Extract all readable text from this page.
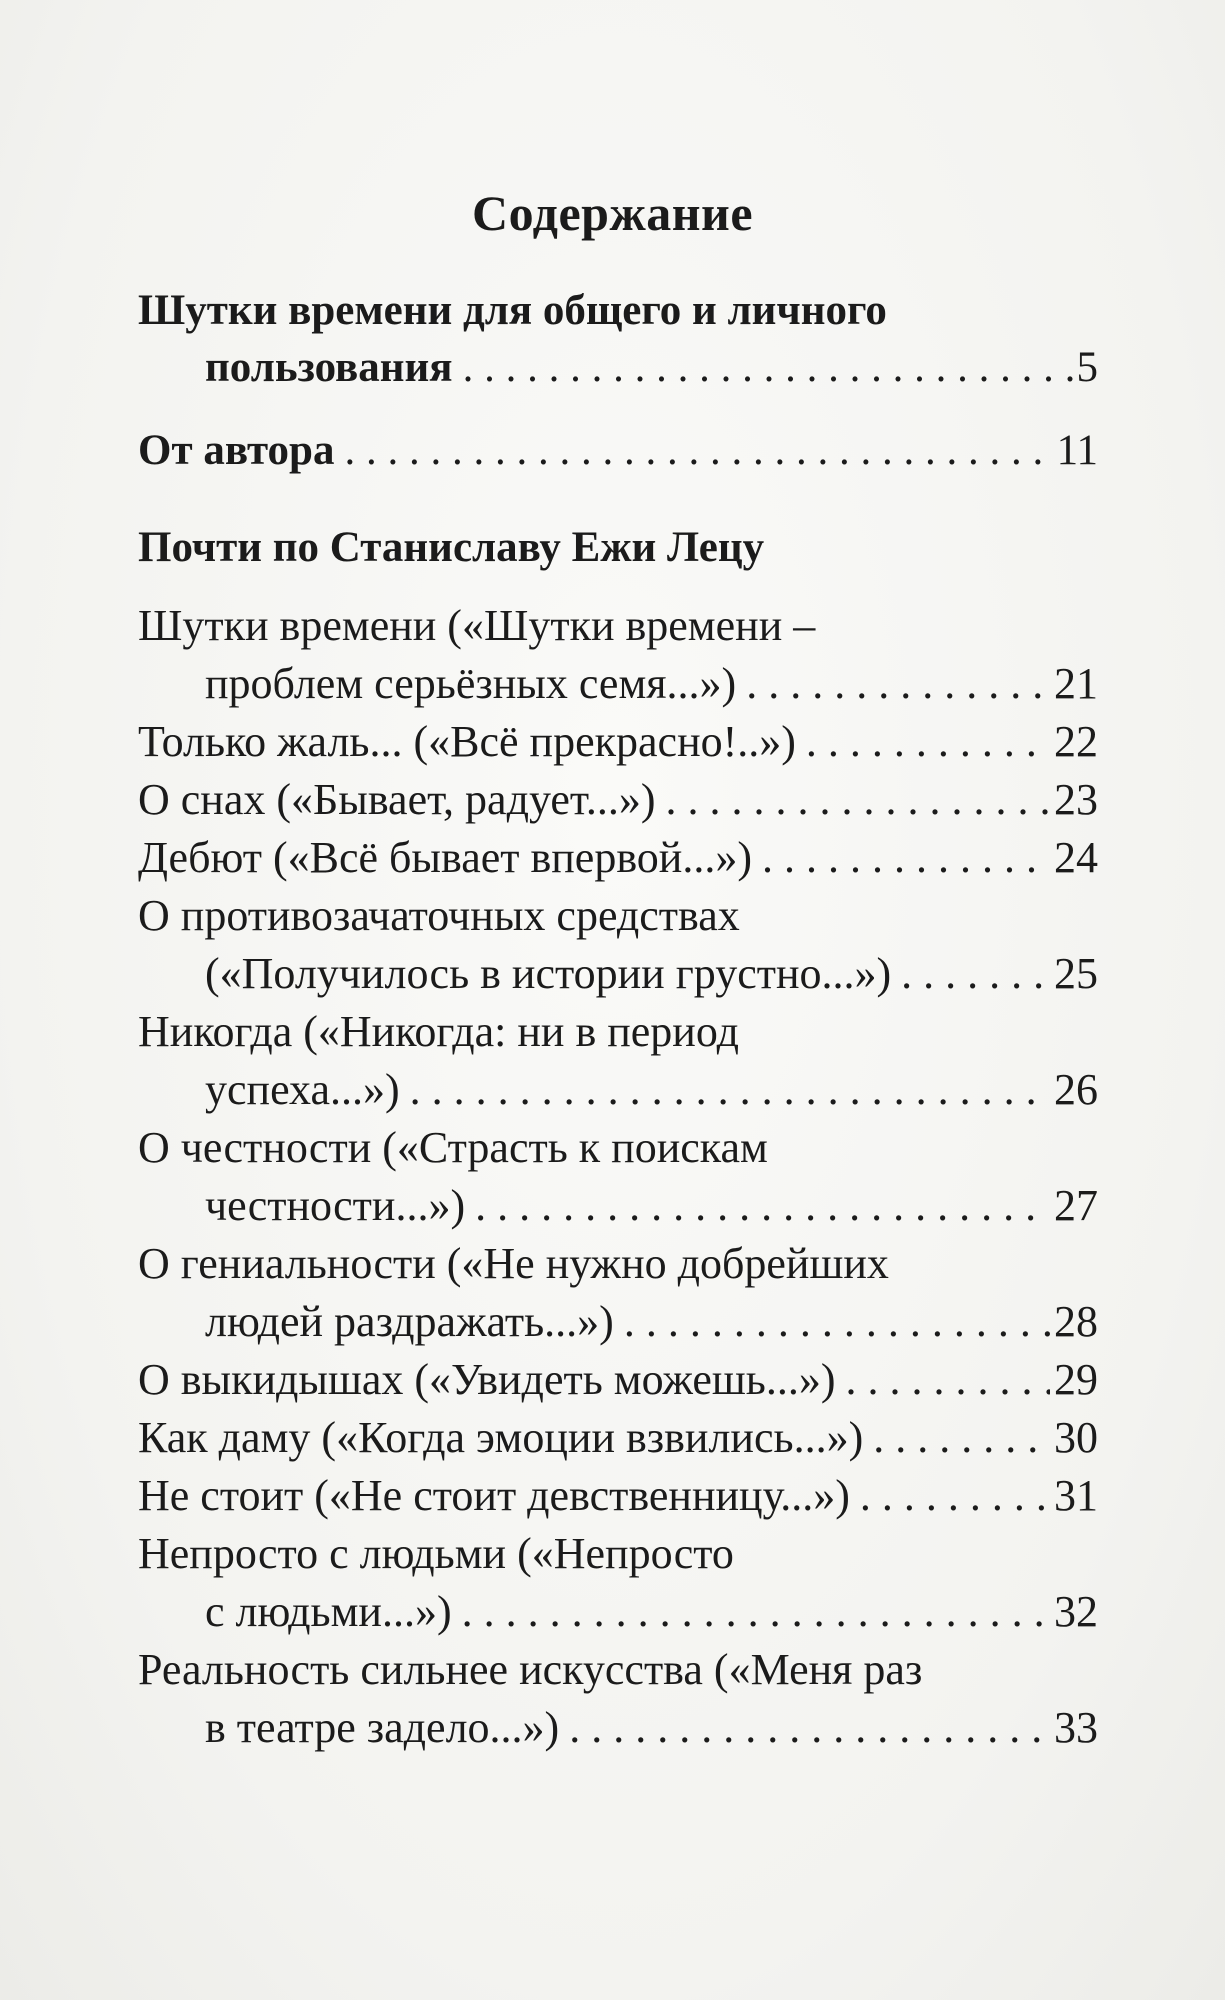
Содержание
Шутки времени для общего и личного
пользования . . .	5
От автора . . .	11
Почти по Станиславу Ежи Лецу
Шутки времени («Шутки времени –
проблем серьёзных семя...») . . .	21
Только жаль... («Всё прекрасно!..») . . .	22
О снах («Бывает, радует...») . . .	23
Дебют («Всё бывает впервой...») . . .	24
О противозачаточных средствах
(«Получилось в истории грустно...») . . .	25
Никогда («Никогда: ни в период
успеха...») . . .	26
О честности («Страсть к поискам
честности...») . . .	27
О гениальности («Не нужно добрейших
людей раздражать...») . . .	28
О выкидышах («Увидеть можешь...») . . .	29
Как даму («Когда эмоции взвились...») . . .	30
Не стоит («Не стоит девственницу...») . . .	31
Непросто с людьми («Непросто
с людьми...») . . .	32
Реальность сильнее искусства («Меня раз
в театре задело...») . . .	33
